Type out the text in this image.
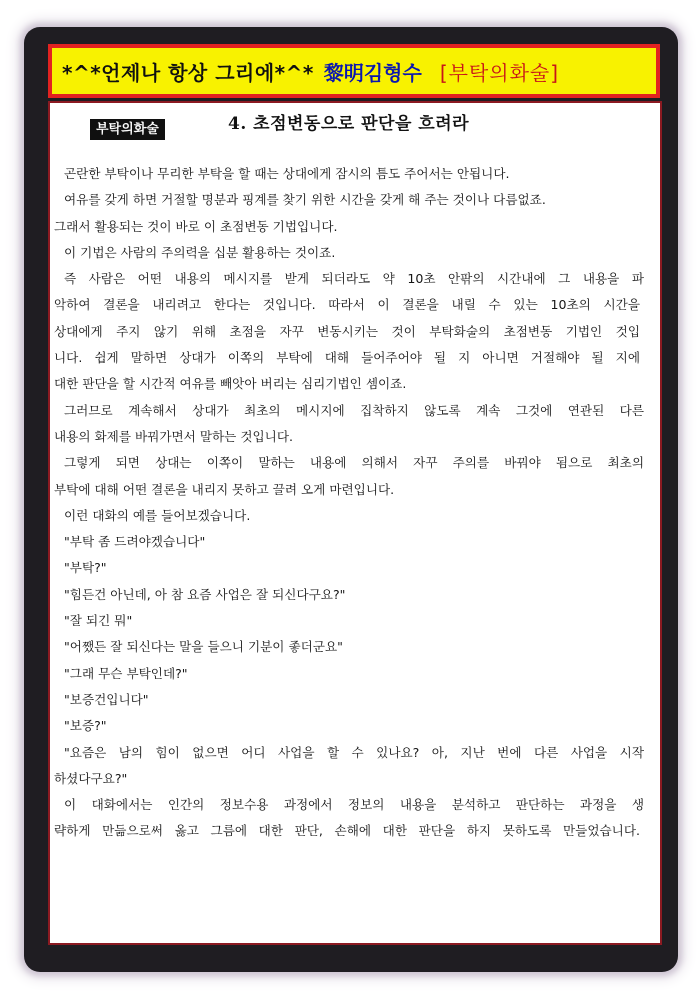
*^*언제나 항상 그리에*^* 黎明김형수 [부탁의화술]
부탁의화술	4. 초점변동으로 판단을 흐려라
곤란한 부탁이나 무리한 부탁을 할 때는 상대에게 잠시의 틈도 주어서는 안됩니다.
여유를 갖게 하면 거절할 명분과 핑계를 찾기 위한 시간을 갖게 해 주는 것이나 다름없죠.
그래서 활용되는 것이 바로 이 초점변동 기법입니다.
이 기법은 사람의 주의력을 십분 활용하는 것이죠.
즉 사람은 어떤 내용의 메시지를 받게 되더라도 약 10초 안팎의 시간내에 그 내용을 파
악하여 결론을 내리려고 한다는 것입니다. 따라서 이 결론을 내릴 수 있는 10초의 시간을
상대에게 주지 않기 위해 초점을 자꾸 변동시키는 것이 부탁화술의 초점변동 기법인 것입
니다. 쉽게 말하면 상대가 이쪽의 부탁에 대해 들어주어야 될 지 아니면 거절해야 될 지에
대한 판단을 할 시간적 여유를 빼앗아 버리는 심리기법인 셈이죠.
그러므로 계속해서 상대가 최초의 메시지에 집착하지 않도록 계속 그것에 연관된 다른
내용의 화제를 바꿔가면서 말하는 것입니다.
그렇게 되면 상대는 이쪽이 말하는 내용에 의해서 자꾸 주의를 바꿔야 됨으로 최초의
부탁에 대해 어떤 결론을 내리지 못하고 끌려 오게 마련입니다.
이런 대화의 예를 들어보겠습니다.
"부탁 좀 드려야겠습니다"
"부탁?"
"힘든건 아닌데, 아 참 요즘 사업은 잘 되신다구요?"
"잘 되긴 뭐"
"어쨌든 잘 되신다는 말을 들으니 기분이 좋더군요"
"그래 무슨 부탁인데?"
"보증건입니다"
"보증?"
"요즘은 남의 힘이 없으면 어디 사업을 할 수 있나요? 아, 지난 번에 다른 사업을 시작
하셨다구요?"
이 대화에서는 인간의 정보수용 과정에서 정보의 내용을 분석하고 판단하는 과정을 생
략하게 만듦으로써 옳고 그름에 대한 판단, 손해에 대한 판단을 하지 못하도록 만들었습니다.
